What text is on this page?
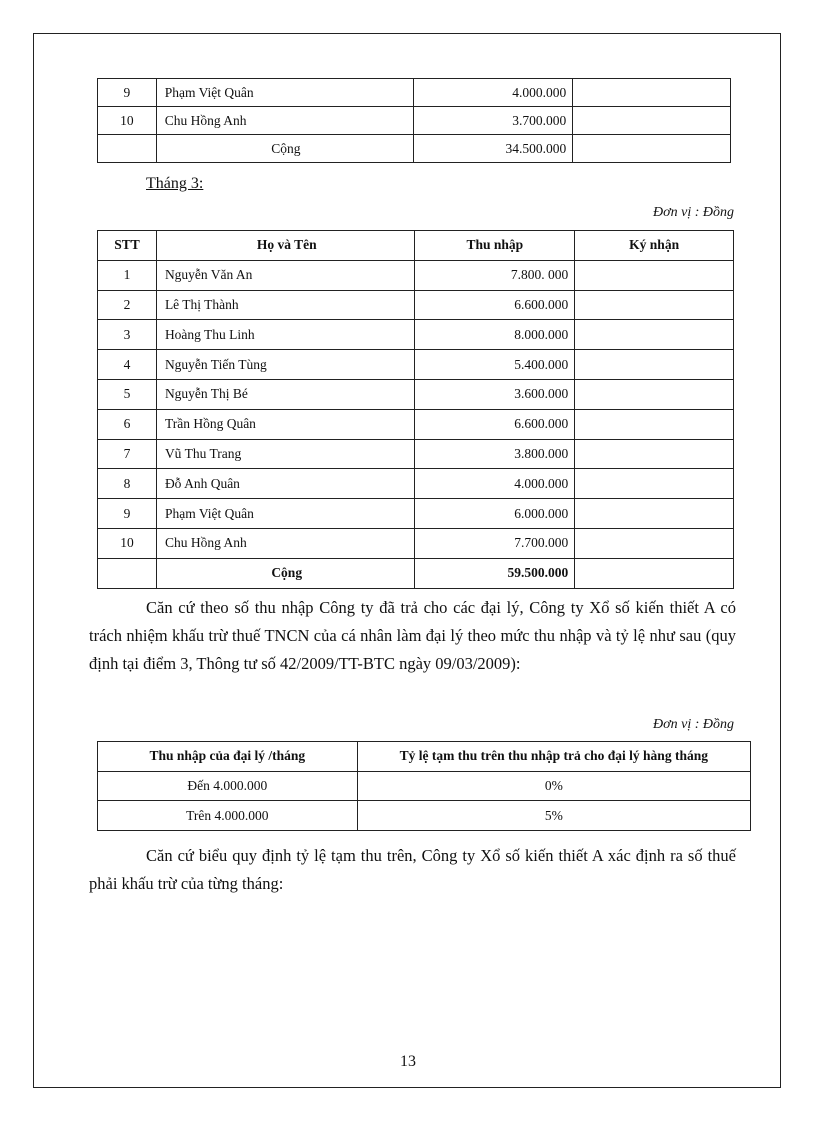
9	Phạm Việt Quân	4.000.000	
10	Chu Hồng Anh	3.700.000	
	Cộng	34.500.000	
Tháng 3:
Đơn vị : Đồng
STT	Họ và Tên	Thu nhập	Ký nhận
1	Nguyễn Văn An	7.800. 000	
2	Lê Thị Thành	6.600.000	
3	Hoàng Thu Linh	8.000.000	
4	Nguyễn Tiến Tùng	5.400.000	
5	Nguyễn Thị Bé	3.600.000	
6	Trần Hồng Quân	6.600.000	
7	Vũ Thu Trang	3.800.000	
8	Đỗ Anh Quân	4.000.000	
9	Phạm Việt Quân	6.000.000	
10	Chu Hồng Anh	7.700.000	
	Cộng	59.500.000	

Căn cứ theo số thu nhập Công ty đã trả cho các đại lý, Công ty Xổ số kiến thiết A có trách nhiệm khấu trừ thuế TNCN của cá nhân làm đại lý theo mức thu nhập và tỷ lệ như sau (quy định tại điểm 3, Thông tư số 42/2009/TT-BTC ngày 09/03/2009):

Đơn vị : Đồng
Thu nhập của đại lý /tháng	Tỷ lệ tạm thu trên thu nhập trả cho đại lý hàng tháng
Đến 4.000.000	0%
Trên 4.000.000	5%

Căn cứ biểu quy định tỷ lệ tạm thu trên, Công ty Xổ số kiến thiết A xác định ra số thuế phải khấu trừ của từng tháng:

13
